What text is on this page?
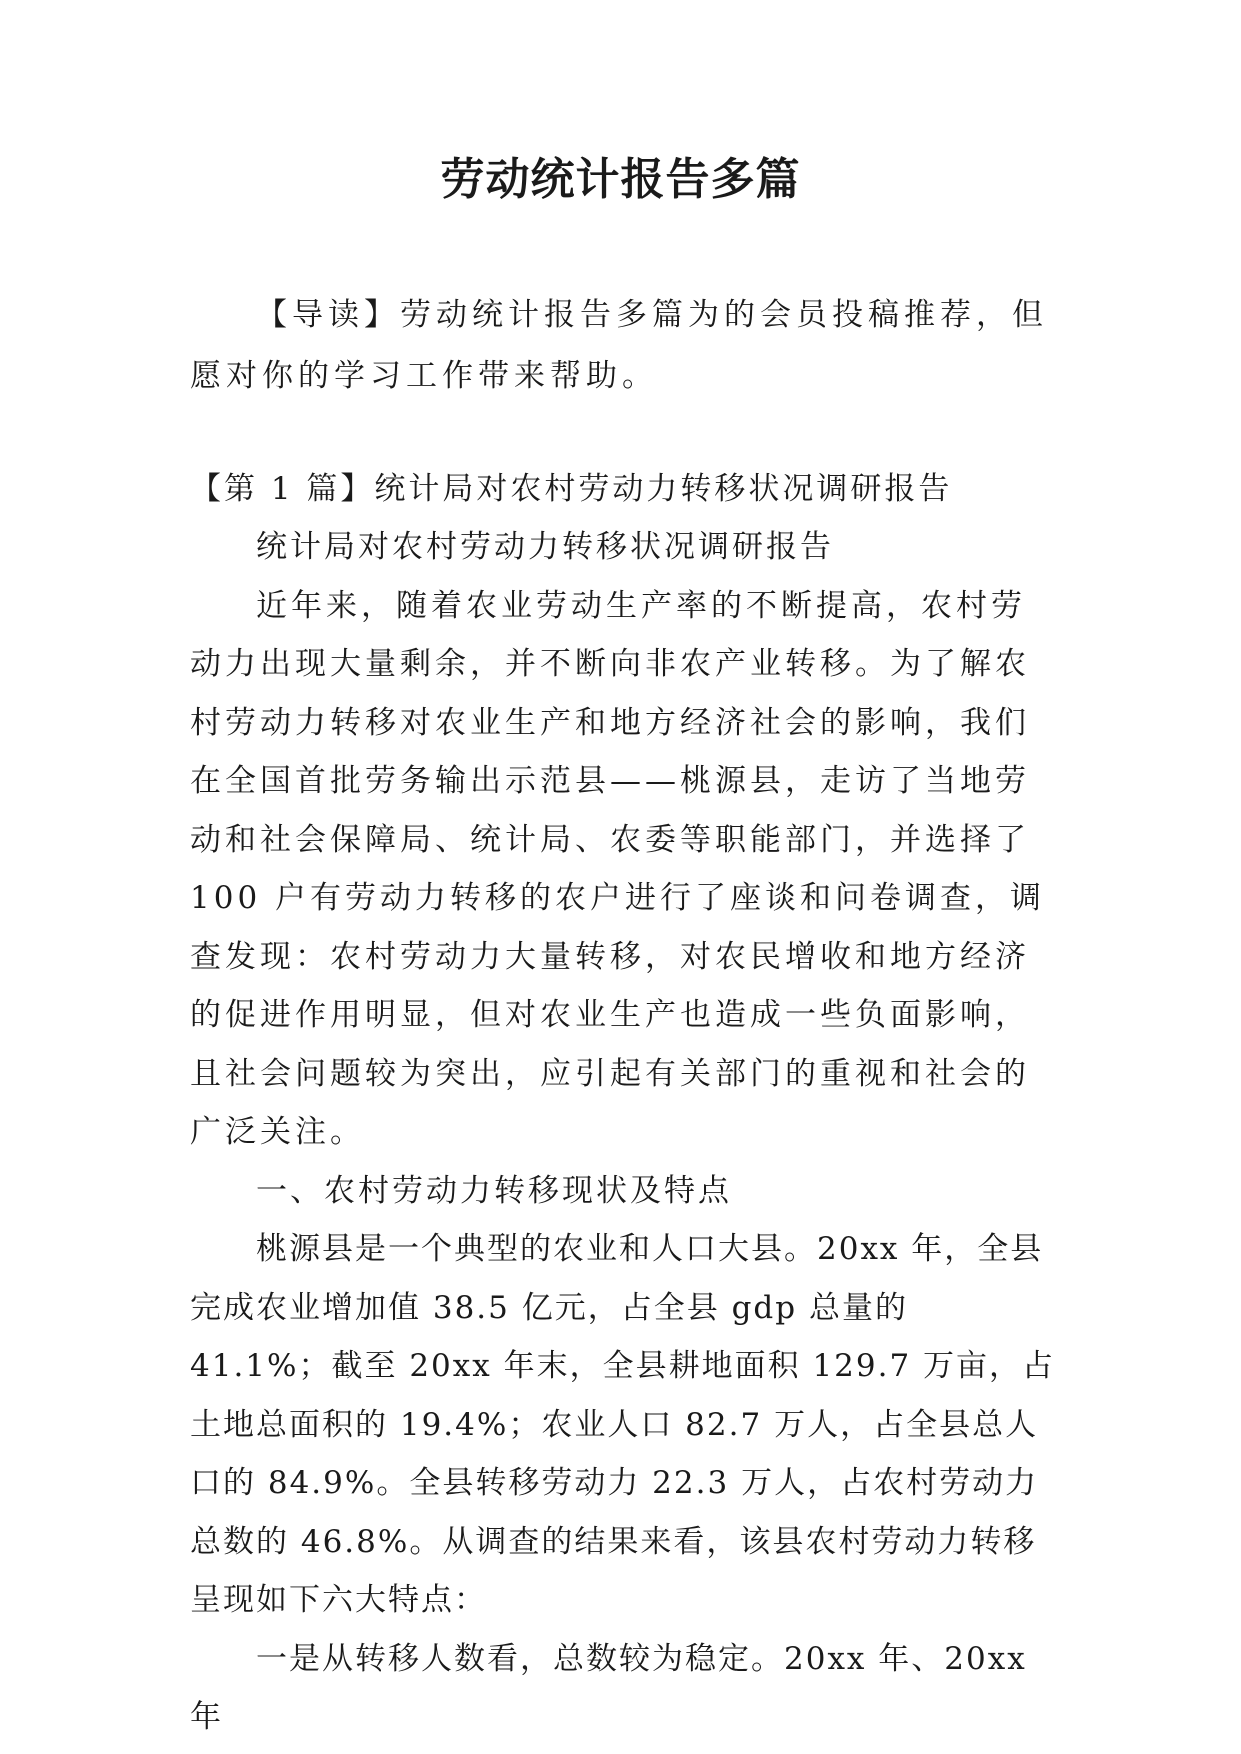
劳动统计报告多篇

【导读】劳动统计报告多篇为的会员投稿推荐，但愿对你的学习工作带来帮助。

【第 1 篇】统计局对农村劳动力转移状况调研报告

统计局对农村劳动力转移状况调研报告

近年来，随着农业劳动生产率的不断提高，农村劳动力出现大量剩余，并不断向非农产业转移。为了解农村劳动力转移对农业生产和地方经济社会的影响，我们在全国首批劳务输出示范县——桃源县，走访了当地劳动和社会保障局、统计局、农委等职能部门，并选择了 100 户有劳动力转移的农户进行了座谈和问卷调查，调查发现：农村劳动力大量转移，对农民增收和地方经济的促进作用明显，但对农业生产也造成一些负面影响，且社会问题较为突出，应引起有关部门的重视和社会的广泛关注。

一、农村劳动力转移现状及特点

桃源县是一个典型的农业和人口大县。20xx 年，全县完成农业增加值 38.5 亿元，占全县 gdp 总量的 41.1%；截至 20xx 年末，全县耕地面积 129.7 万亩，占土地总面积的 19.4%；农业人口 82.7 万人，占全县总人口的 84.9%。全县转移劳动力 22.3 万人，占农村劳动力总数的 46.8%。从调查的结果来看，该县农村劳动力转移呈现如下六大特点：

一是从转移人数看，总数较为稳定。20xx 年、20xx 年
